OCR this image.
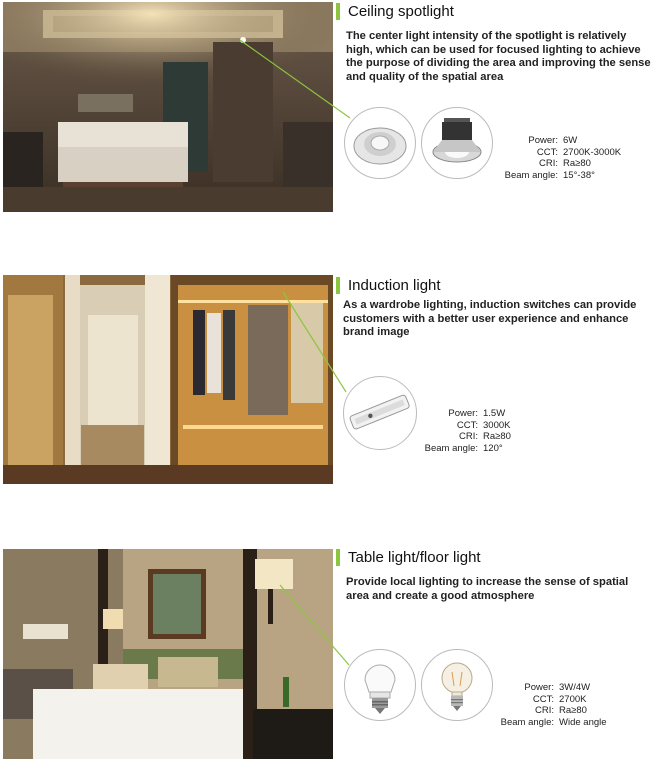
Ceiling spotlight
The center light intensity of the spotlight is relatively high, which can be used for focused lighting to achieve the purpose of dividing the area and improving the sense and quality of the spatial area
Power: 6W
CCT: 2700K-3000K
CRI: Ra≥80
Beam angle: 15°-38°
Induction light
As a wardrobe lighting, induction switches can provide customers with a better user experience and enhance brand image
Power: 1.5W
CCT: 3000K
CRI: Ra≥80
Beam angle: 120°
Table light/floor light
Provide local lighting to increase the sense of spatial area and create a good atmosphere
Power: 3W/4W
CCT: 2700K
CRI: Ra≥80
Beam angle: Wide angle
